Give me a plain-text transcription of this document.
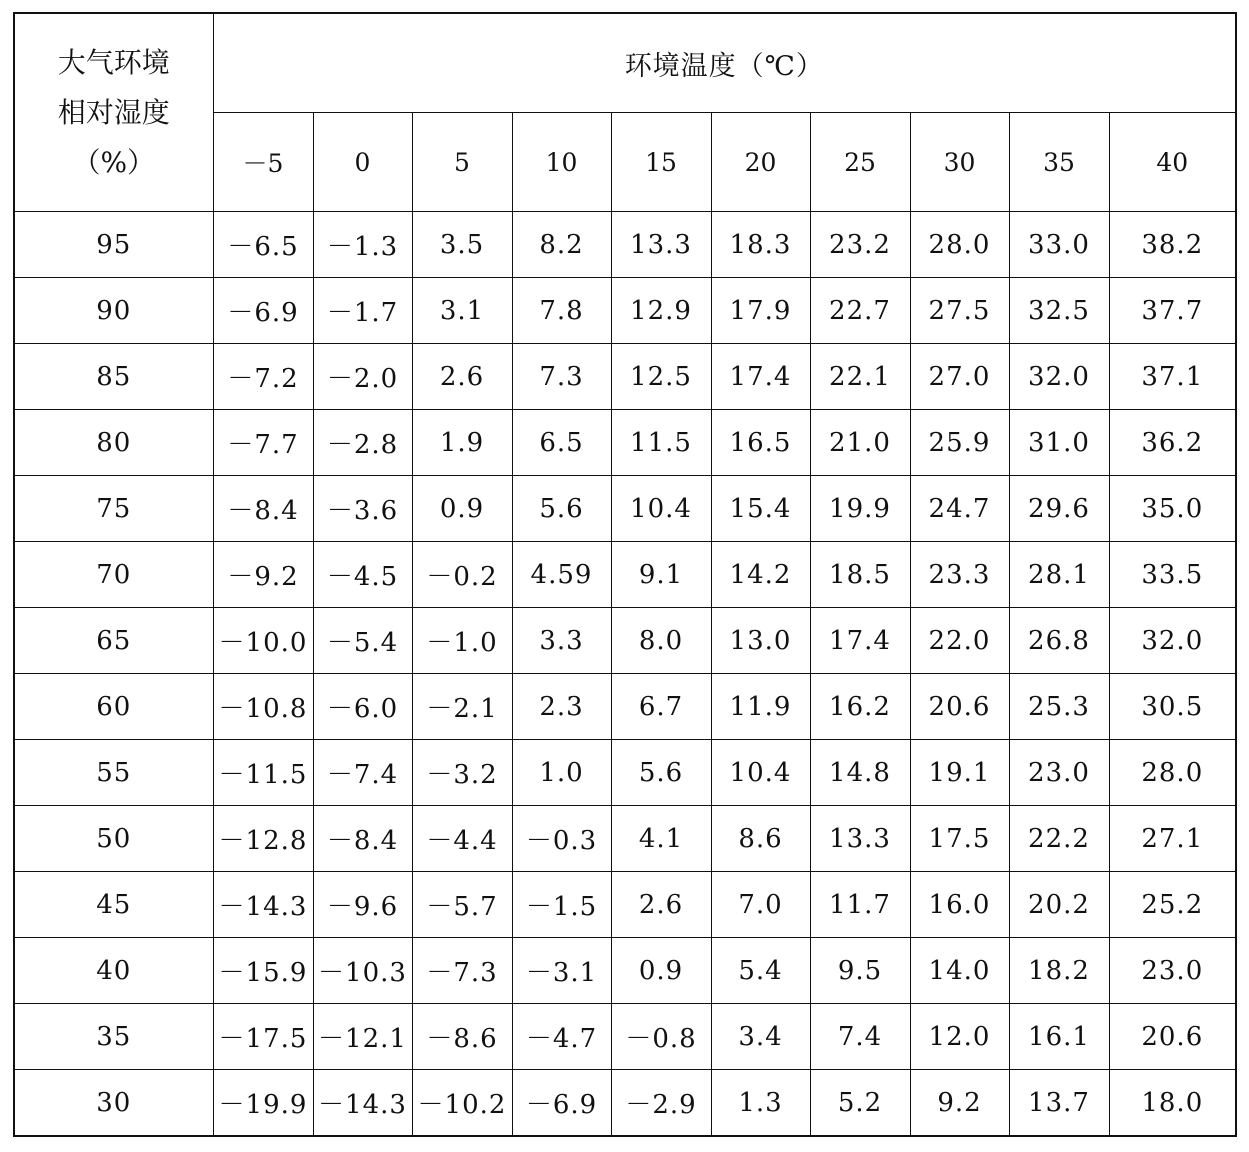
大气环境
相对湿度
（%）	环境温度（℃）									
	－5	0	5	10	15	20	25	30	35	40
95	－6.5	－1.3	3.5	8.2	13.3	18.3	23.2	28.0	33.0	38.2
90	－6.9	－1.7	3.1	7.8	12.9	17.9	22.7	27.5	32.5	37.7
85	－7.2	－2.0	2.6	7.3	12.5	17.4	22.1	27.0	32.0	37.1
80	－7.7	－2.8	1.9	6.5	11.5	16.5	21.0	25.9	31.0	36.2
75	－8.4	－3.6	0.9	5.6	10.4	15.4	19.9	24.7	29.6	35.0
70	－9.2	－4.5	－0.2	4.59	9.1	14.2	18.5	23.3	28.1	33.5
65	－10.0	－5.4	－1.0	3.3	8.0	13.0	17.4	22.0	26.8	32.0
60	－10.8	－6.0	－2.1	2.3	6.7	11.9	16.2	20.6	25.3	30.5
55	－11.5	－7.4	－3.2	1.0	5.6	10.4	14.8	19.1	23.0	28.0
50	－12.8	－8.4	－4.4	－0.3	4.1	8.6	13.3	17.5	22.2	27.1
45	－14.3	－9.6	－5.7	－1.5	2.6	7.0	11.7	16.0	20.2	25.2
40	－15.9	－10.3	－7.3	－3.1	0.9	5.4	9.5	14.0	18.2	23.0
35	－17.5	－12.1	－8.6	－4.7	－0.8	3.4	7.4	12.0	16.1	20.6
30	－19.9	－14.3	－10.2	－6.9	－2.9	1.3	5.2	9.2	13.7	18.0
